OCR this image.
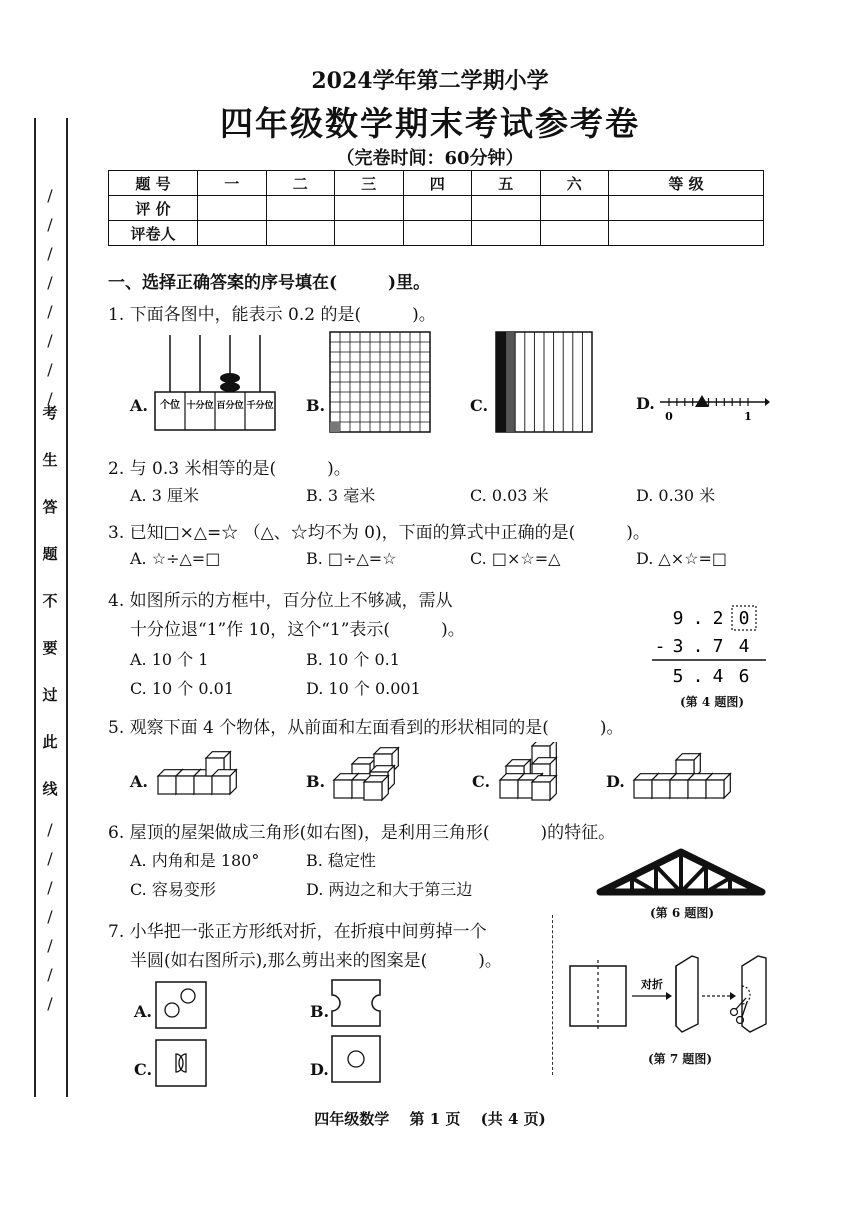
/
/
/
/
/
/
/
/
考
生
答
题
不
要
过
此
线
/
/
/
/
/
/
/
2024学年第二学期小学
四年级数学期末考试参考卷
（完卷时间：60分钟）
题 号	一	二	三	四	五	六	等 级
评 价							
评卷人							
一、选择正确答案的序号填在(　　　)里。
1. 下面各图中，能表示 0.2 的是(　　　)。
A. 个位 十分位 百分位 千分位 B.	C.	D.
0	1
2. 与 0.3 米相等的是(　　　)。
A. 3 厘米	B. 3 毫米	C. 0.03 米	D. 0.30 米
3. 已知□×△=☆ （△、☆均不为 0)，下面的算式中正确的是(　　　)。
A. ☆÷△=□	B. □÷△=☆	C. □×☆=△	D. △×☆=□
4. 如图所示的方框中，百分位上不够减，需从
十分位退“1”作 10，这个“1”表示(　　　)。
A. 10 个 1	B. 10 个 0.1
C. 10 个 0.01	D. 10 个 0.001
9 . 2 0
- 3 . 7 4
5 . 4 6
(第 4 题图)
5. 观察下面 4 个物体，从前面和左面看到的形状相同的是(　　　)。
A.	B.	C.	D.
6. 屋顶的屋架做成三角形(如右图)，是利用三角形(　　　)的特征。
A. 内角和是 180°	B. 稳定性
C. 容易变形	D. 两边之和大于第三边
(第 6 题图)
7. 小华把一张正方形纸对折，在折痕中间剪掉一个
半圆(如右图所示),那么剪出来的图案是(　　　)。
A.	B.
C.	D.
对折
(第 7 题图)
四年级数学　 第 1 页　 (共 4 页)
